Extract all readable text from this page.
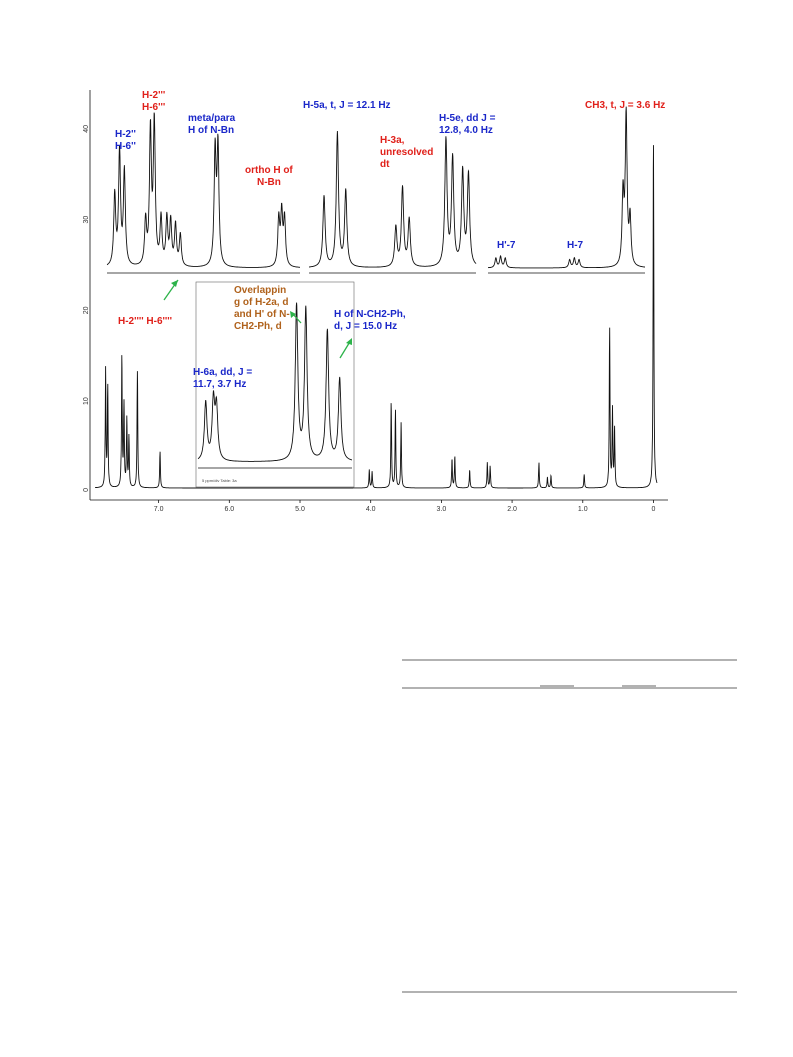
7.0	6.0	5.0	4.0	3.0	2.0	1.0	0
0
10
20
30
40
5 ppm/div Table: 3a
H-2''
H-6''
H-2'''
H-6'''
meta/para
H of N-Bn
ortho H of
N-Bn
H-2'''' H-6''''
H-5a, t, J = 12.1 Hz
H-3a,
unresolved
dt
H-5e, dd J =
12.8, 4.0 Hz
CH3, t, J = 3.6 Hz
H'-7	H-7
Overlappin
g of H-2a, d
and H' of N-
CH2-Ph, d
H of N-CH2-Ph,
d, J = 15.0 Hz
H-6a, dd, J =
11.7, 3.7 Hz
